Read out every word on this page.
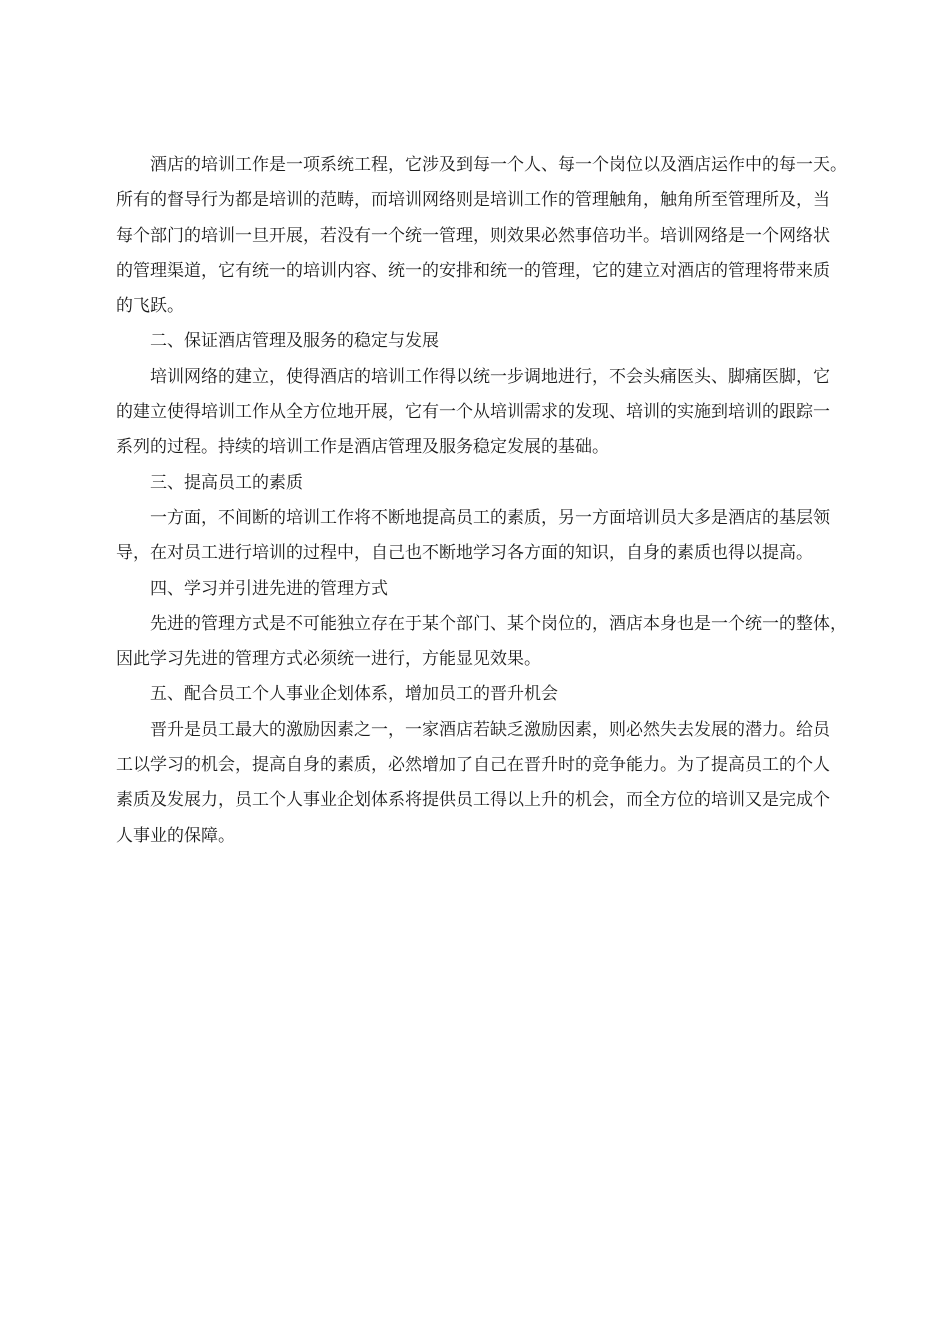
酒店的培训工作是一项系统工程，它涉及到每一个人、每一个岗位以及酒店运作中的每一天。
所有的督导行为都是培训的范畴，而培训网络则是培训工作的管理触角，触角所至管理所及，当
每个部门的培训一旦开展，若没有一个统一管理，则效果必然事倍功半。培训网络是一个网络状
的管理渠道，它有统一的培训内容、统一的安排和统一的管理，它的建立对酒店的管理将带来质
的飞跃。
二、保证酒店管理及服务的稳定与发展
培训网络的建立，使得酒店的培训工作得以统一步调地进行，不会头痛医头、脚痛医脚，它
的建立使得培训工作从全方位地开展，它有一个从培训需求的发现、培训的实施到培训的跟踪一
系列的过程。持续的培训工作是酒店管理及服务稳定发展的基础。
三、提高员工的素质
一方面，不间断的培训工作将不断地提高员工的素质，另一方面培训员大多是酒店的基层领
导，在对员工进行培训的过程中，自己也不断地学习各方面的知识，自身的素质也得以提高。
四、学习并引进先进的管理方式
先进的管理方式是不可能独立存在于某个部门、某个岗位的，酒店本身也是一个统一的整体，
因此学习先进的管理方式必须统一进行，方能显见效果。
五、配合员工个人事业企划体系，增加员工的晋升机会
晋升是员工最大的激励因素之一，一家酒店若缺乏激励因素，则必然失去发展的潜力。给员
工以学习的机会，提高自身的素质，必然增加了自己在晋升时的竞争能力。为了提高员工的个人
素质及发展力，员工个人事业企划体系将提供员工得以上升的机会，而全方位的培训又是完成个
人事业的保障。
